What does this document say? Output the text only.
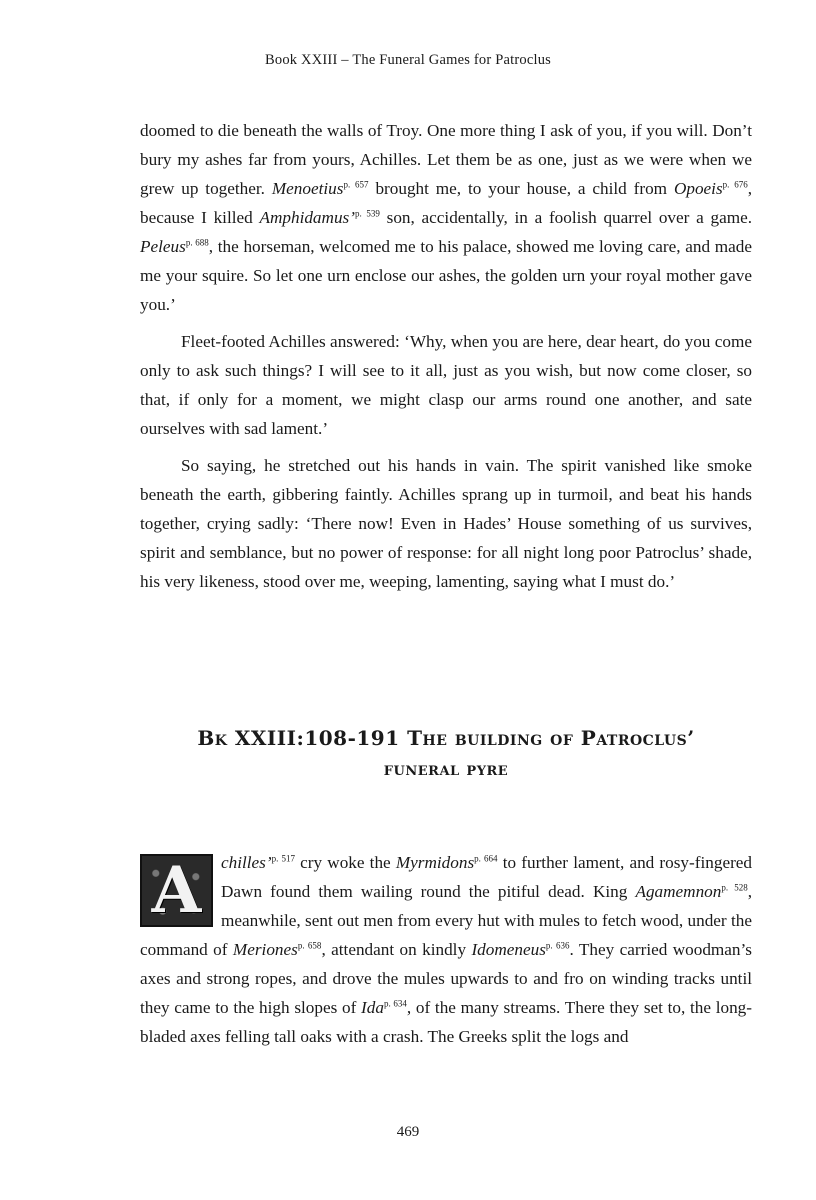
Book XXIII – The Funeral Games for Patroclus

doomed to die beneath the walls of Troy. One more thing I ask of you, if you will. Don’t bury my ashes far from yours, Achilles. Let them be as one, just as we were when we grew up together. Menoetius$^{p. 657}$ brought me, to your house, a child from Opoeis$^{p. 676}$, because I killed Amphidamus’$^{p. 539}$ son, accidentally, in a foolish quarrel over a game. Peleus$^{p. 688}$, the horseman, welcomed me to his palace, showed me loving care, and made me your squire. So let one urn enclose our ashes, the golden urn your royal mother gave you.’

Fleet-footed Achilles answered: ‘Why, when you are here, dear heart, do you come only to ask such things? I will see to it all, just as you wish, but now come closer, so that, if only for a moment, we might clasp our arms round one another, and sate ourselves with sad lament.’

So saying, he stretched out his hands in vain. The spirit vanished like smoke beneath the earth, gibbering faintly. Achilles sprang up in turmoil, and beat his hands together, crying sadly: ‘There now! Even in Hades’ House something of us survives, spirit and semblance, but no power of response: for all night long poor Patroclus’ shade, his very likeness, stood over me, weeping, lamenting, saying what I must do.’

Bk XXIII:108-191 The building of Patroclus’
funeral pyre

A	chilles’$^{p. 517}$ cry woke the Myrmidons$^{p. 664}$ to further lament, and rosy-fingered Dawn found them wailing round the pitiful dead. King Agamemnon$^{p. 528}$, meanwhile, sent out men from every hut with mules to fetch wood, under the command of Meriones$^{p. 658}$, attendant on kindly Idomeneus$^{p. 636}$. They carried woodman’s axes and strong ropes, and drove the mules upwards to and fro on winding tracks until they came to the high slopes of Ida$^{p. 634}$, of the many streams. There they set to, the long-bladed axes felling tall oaks with a crash. The Greeks split the logs and

469
